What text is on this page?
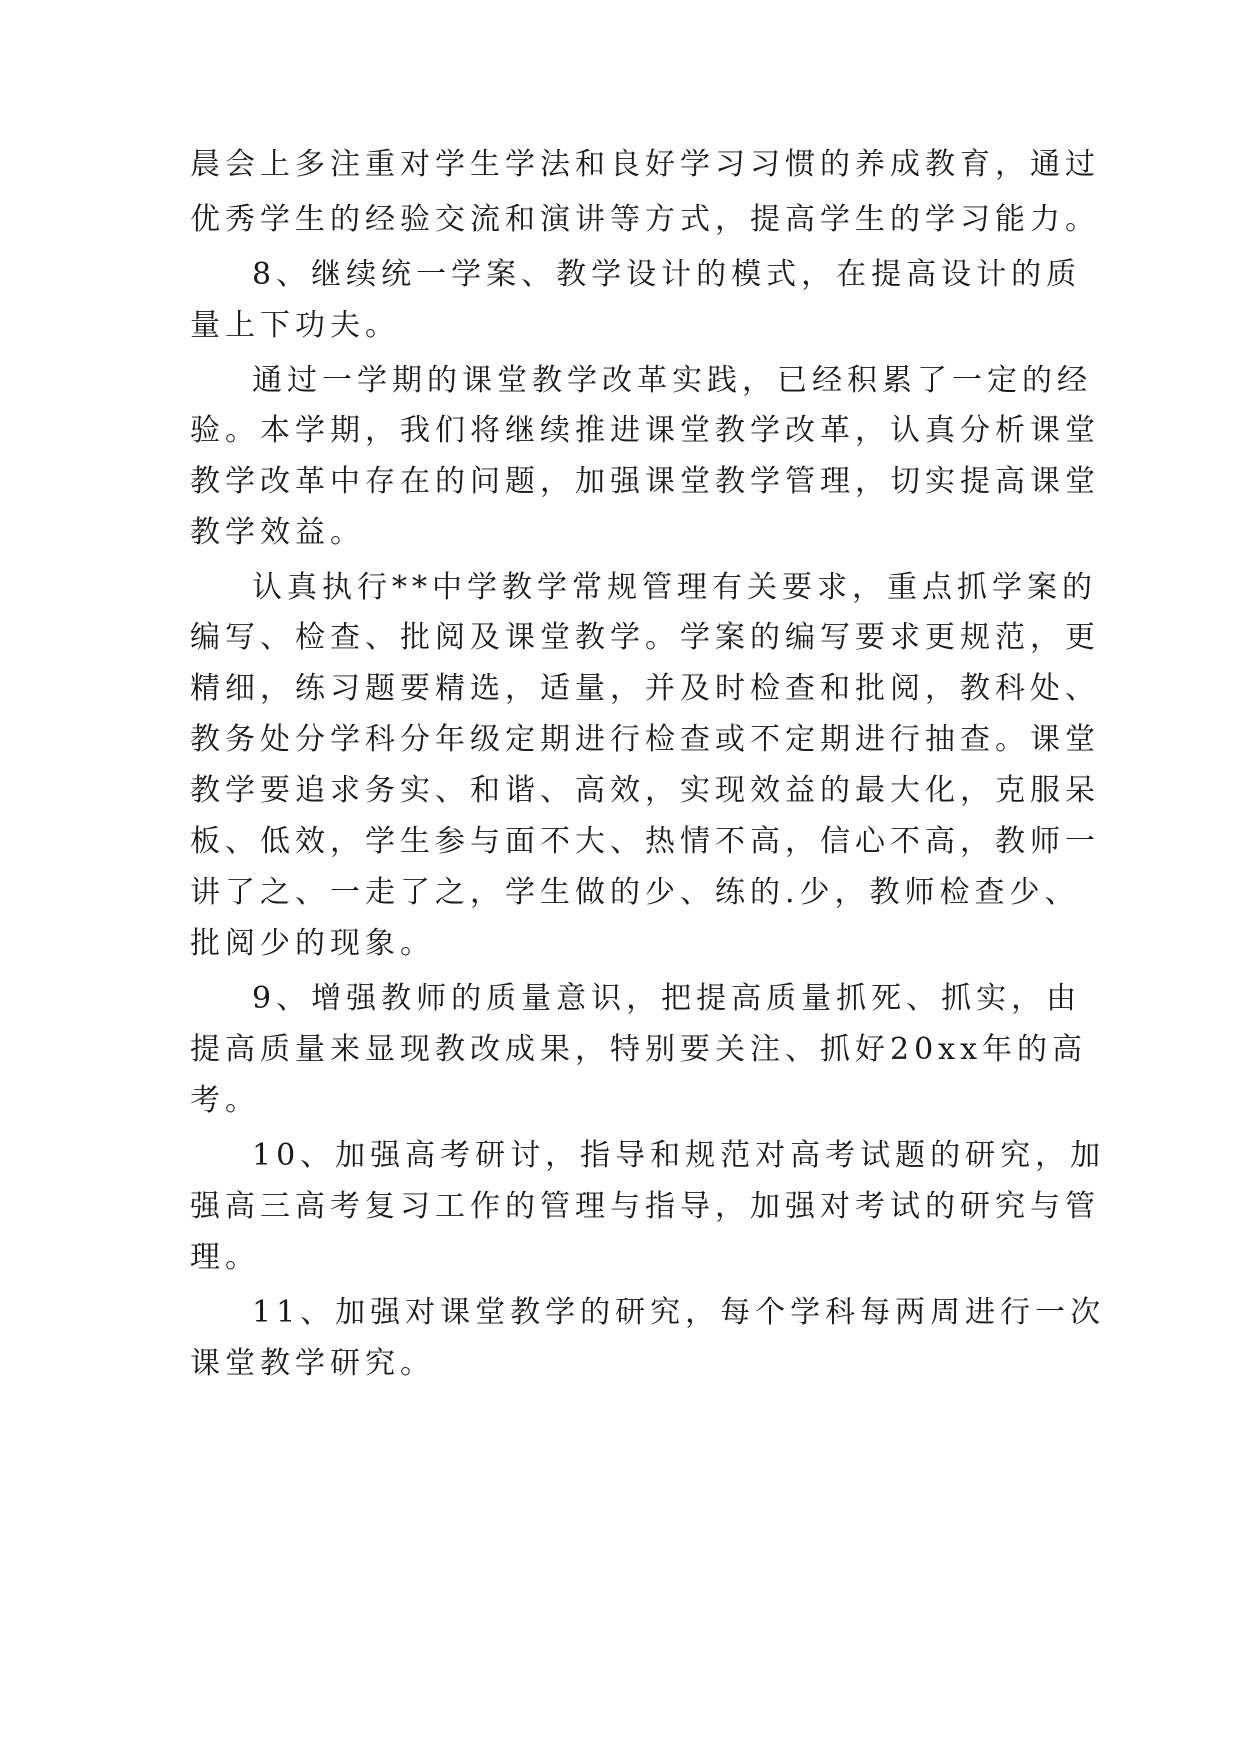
晨会上多注重对学生学法和良好学习习惯的养成教育，通过
优秀学生的经验交流和演讲等方式，提高学生的学习能力。
8、继续统一学案、教学设计的模式，在提高设计的质
量上下功夫。
通过一学期的课堂教学改革实践，已经积累了一定的经
验。本学期，我们将继续推进课堂教学改革，认真分析课堂
教学改革中存在的问题，加强课堂教学管理，切实提高课堂
教学效益。
认真执行**中学教学常规管理有关要求，重点抓学案的
编写、检查、批阅及课堂教学。学案的编写要求更规范，更
精细，练习题要精选，适量，并及时检查和批阅，教科处、
教务处分学科分年级定期进行检查或不定期进行抽查。课堂
教学要追求务实、和谐、高效，实现效益的最大化，克服呆
板、低效，学生参与面不大、热情不高，信心不高，教师一
讲了之、一走了之，学生做的少、练的.少，教师检查少、
批阅少的现象。
9、增强教师的质量意识，把提高质量抓死、抓实，由
提高质量来显现教改成果，特别要关注、抓好20xx年的高
考。
10、加强高考研讨，指导和规范对高考试题的研究，加
强高三高考复习工作的管理与指导，加强对考试的研究与管
理。
11、加强对课堂教学的研究，每个学科每两周进行一次
课堂教学研究。
